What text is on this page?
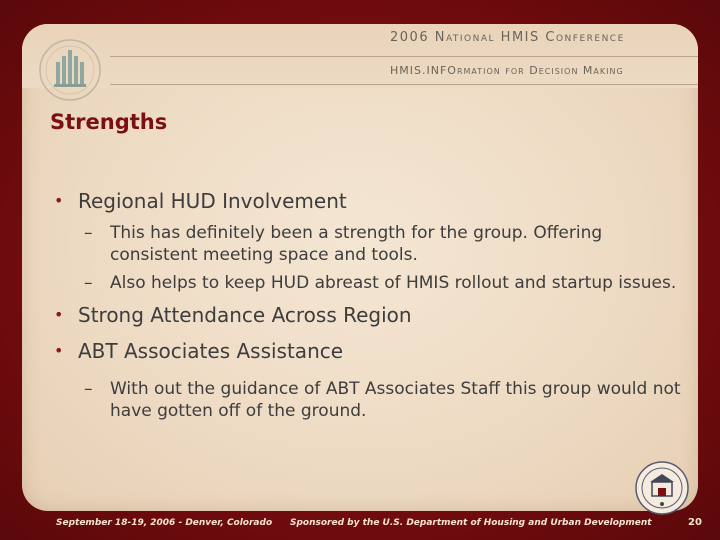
2006 National HMIS Conference
HMIS.INFOrmation for Decision Making
Strengths
• Regional HUD Involvement
– This has definitely been a strength for the group. Offering consistent meeting space and tools.
– Also helps to keep HUD abreast of HMIS rollout and startup issues.
• Strong Attendance Across Region
• ABT Associates Assistance
– With out the guidance of ABT Associates Staff this group would not have gotten off of the ground.
September 18-19, 2006 - Denver, Colorado Sponsored by the U.S. Department of Housing and Urban Development	20
